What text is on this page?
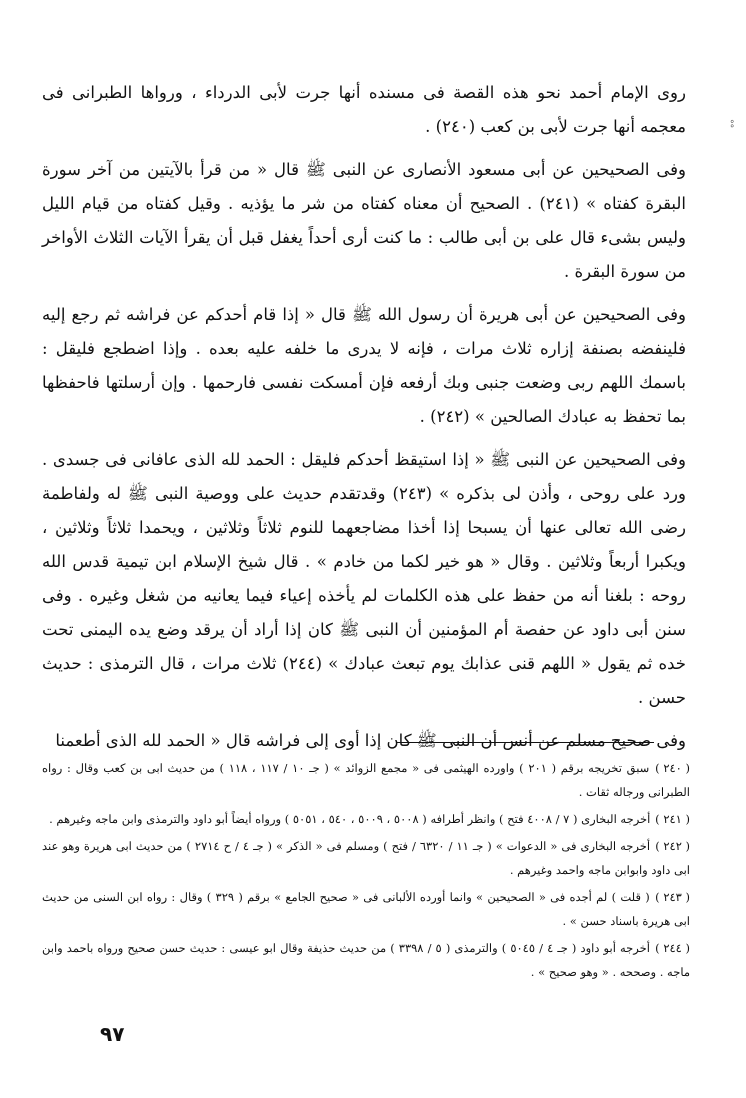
⦂

روى الإمام أحمد نحو هذه القصة فى مسنده أنها جرت لأبى الدرداء ، ورواها الطبرانى فى معجمه أنها جرت لأبى بن كعب (٢٤٠) .

وفى الصحيحين عن أبى مسعود الأنصارى عن النبى ﷺ قال « من قرأ بالآيتين من آخر سورة البقرة كفتاه » (٢٤١) . الصحيح أن معناه كفتاه من شر ما يؤذيه . وقيل كفتاه من قيام الليل وليس بشىء قال على بن أبى طالب : ما كنت أرى أحداً يغفل قبل أن يقرأ الآيات الثلاث الأواخر من سورة البقرة .

وفى الصحيحين عن أبى هريرة أن رسول الله ﷺ قال « إذا قام أحدكم عن فراشه ثم رجع إليه فلينفضه بصنفة إزاره ثلاث مرات ، فإنه لا يدرى ما خلفه عليه بعده . وإذا اضطجع فليقل : باسمك اللهم ربى وضعت جنبى وبك أرفعه فإن أمسكت نفسى فارحمها . وإن أرسلتها فاحفظها بما تحفظ به عبادك الصالحين » (٢٤٢) .

وفى الصحيحين عن النبى ﷺ « إذا استيقظ أحدكم فليقل : الحمد لله الذى عافانى فى جسدى . ورد على روحى ، وأذن لى بذكره » (٢٤٣) وقدتقدم حديث على ووصية النبى ﷺ له ولفاطمة رضى الله تعالى عنها أن يسبحا إذا أخذا مضاجعهما للنوم ثلاثاً وثلاثين ، ويحمدا ثلاثاً وثلاثين ، ويكبرا أربعاً وثلاثين . وقال « هو خير لكما من خادم » . قال شيخ الإسلام ابن تيمية قدس الله روحه : بلغنا أنه من حفظ على هذه الكلمات لم يأخذه إعياء فيما يعانيه من شغل وغيره . وفى سنن أبى داود عن حفصة أم المؤمنين أن النبى ﷺ كان إذا أراد أن يرقد وضع يده اليمنى تحت خده ثم يقول « اللهم قنى عذابك يوم تبعث عبادك » (٢٤٤) ثلاث مرات ، قال الترمذى : حديث حسن .

وفى صحيح مسلم عن أنس أن النبى ﷺ كان إذا أوى إلى فراشه قال « الحمد لله الذى أطعمنا

( ٢٤٠ ) سبق تخريجه برقم ( ٢٠١ ) واورده الهيثمى فى « مجمع الزوائد » ( جـ ١٠ / ١١٧ ، ١١٨ ) من حديث ابى بن كعب وقال : رواه الطبرانى ورجاله ثقات .
( ٢٤١ ) أخرجه البخارى ( ٧ / ٤٠٠٨ فتح ) وانظر أطرافه ( ٥٠٠٨ ، ٥٠٠٩ ، ٥٤٠ ، ٥٠٥١ ) ورواه أيضاً أبو داود والترمذى وابن ماجه وغيرهم .
( ٢٤٢ ) أخرجه البخارى فى « الدعوات » ( جـ ١١ / ٦٣٢٠ / فتح ) ومسلم فى « الذكر » ( جـ ٤ / ح ٢٧١٤ ) من حديث ابى هريرة وهو عند ابى داود وابوابن ماجه واحمد وغيرهم .
( ٢٤٣ ) ( قلت ) لم أجده فى « الصحيحين » وانما أورده الألبانى فى « صحيح الجامع » برقم ( ٣٢٩ ) وقال : رواه ابن السنى من حديث ابى هريرة باسناد حسن » .
( ٢٤٤ ) أخرجه أبو داود ( جـ ٤ / ٥٠٤٥ ) والترمذى ( ٥ / ٣٣٩٨ ) من حديث حذيفة وقال ابو عيسى : حديث حسن صحيح ورواه باحمد وابن ماجه . وصححه . « وهو صحيح » .
٩٧
